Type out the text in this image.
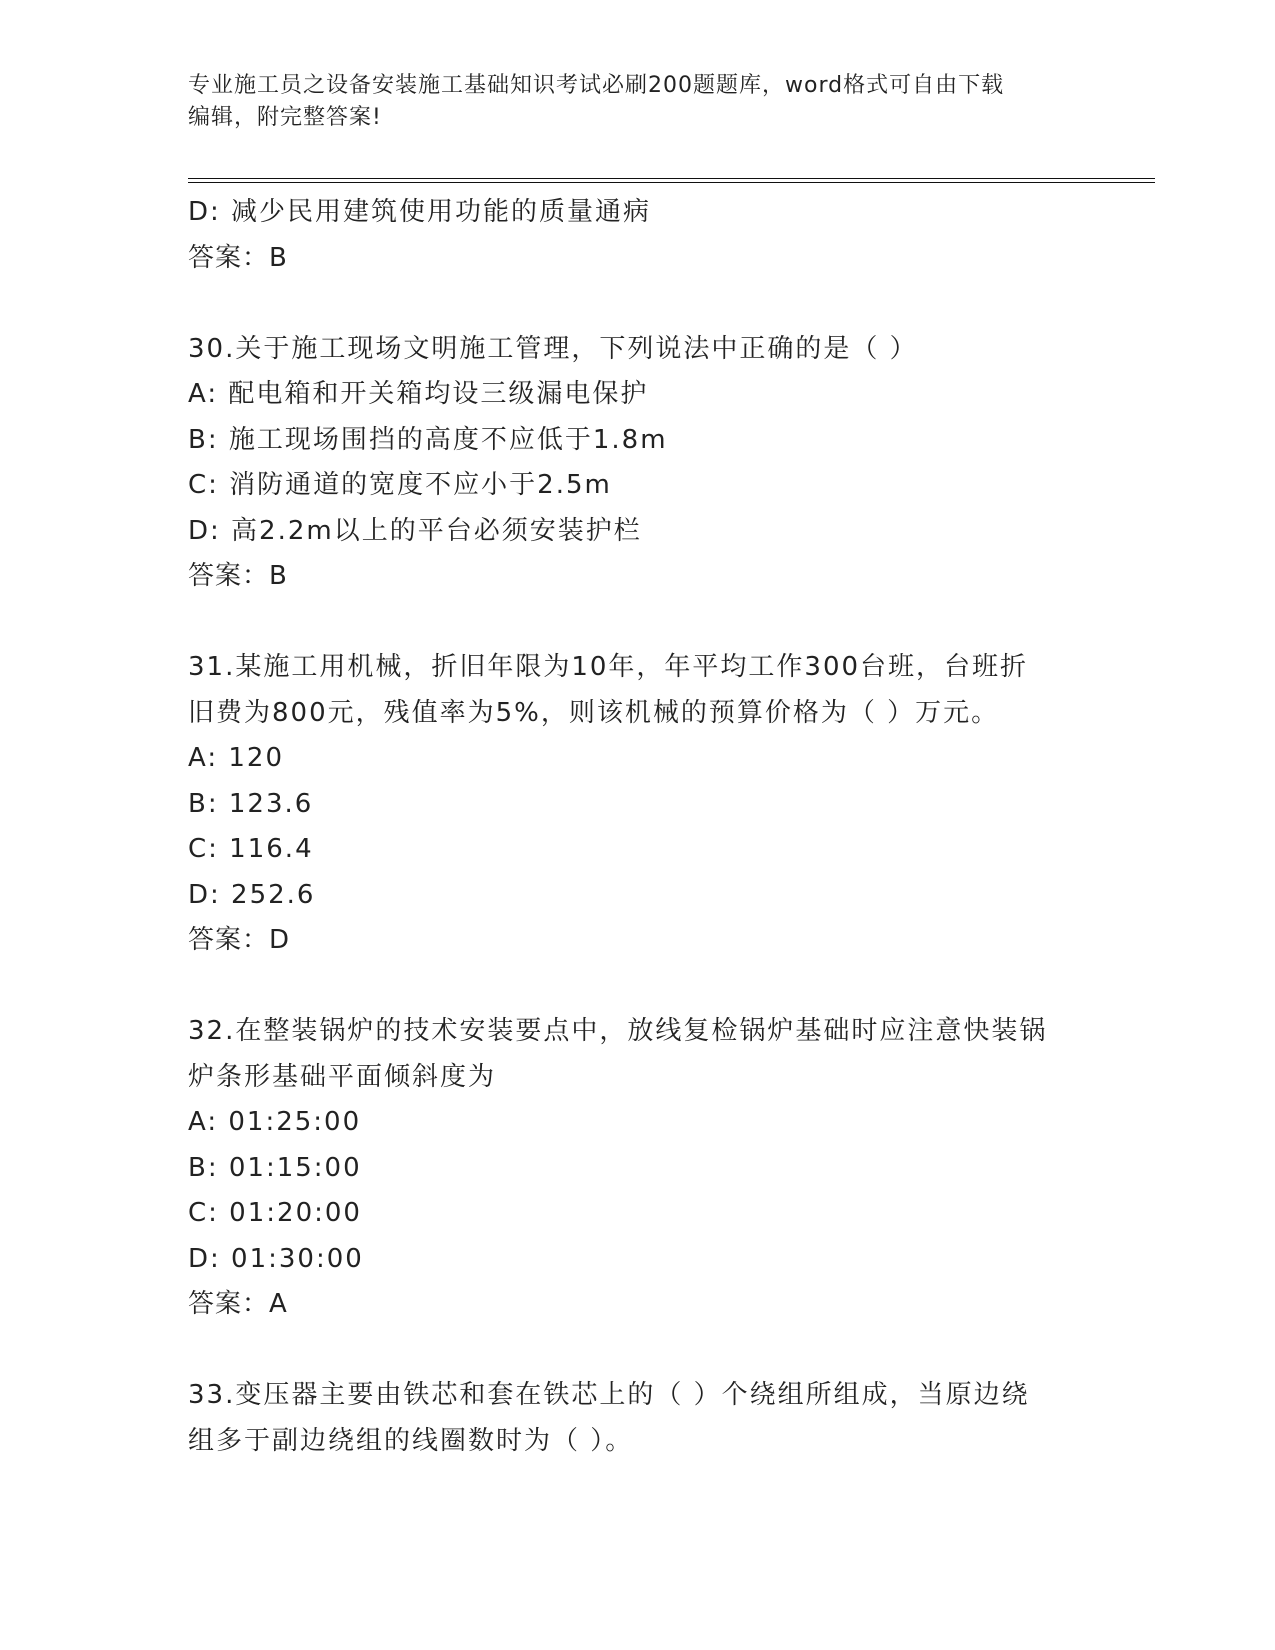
专业施工员之设备安装施工基础知识考试必刷200题题库，word格式可自由下载
编辑，附完整答案!
D: 减少民用建筑使用功能的质量通病
答案：B
30.关于施工现场文明施工管理，下列说法中正确的是（ ）
A: 配电箱和开关箱均设三级漏电保护
B: 施工现场围挡的高度不应低于1.8m
C: 消防通道的宽度不应小于2.5m
D: 高2.2m以上的平台必须安装护栏
答案：B
31.某施工用机械，折旧年限为10年，年平均工作300台班，台班折
旧费为800元，残值率为5%，则该机械的预算价格为（ ）万元。
A: 120
B: 123.6
C: 116.4
D: 252.6
答案：D
32.在整装锅炉的技术安装要点中，放线复检锅炉基础时应注意快装锅
炉条形基础平面倾斜度为
A: 01:25:00
B: 01:15:00
C: 01:20:00
D: 01:30:00
答案：A
33.变压器主要由铁芯和套在铁芯上的（ ）个绕组所组成，当原边绕
组多于副边绕组的线圈数时为（ ）。
